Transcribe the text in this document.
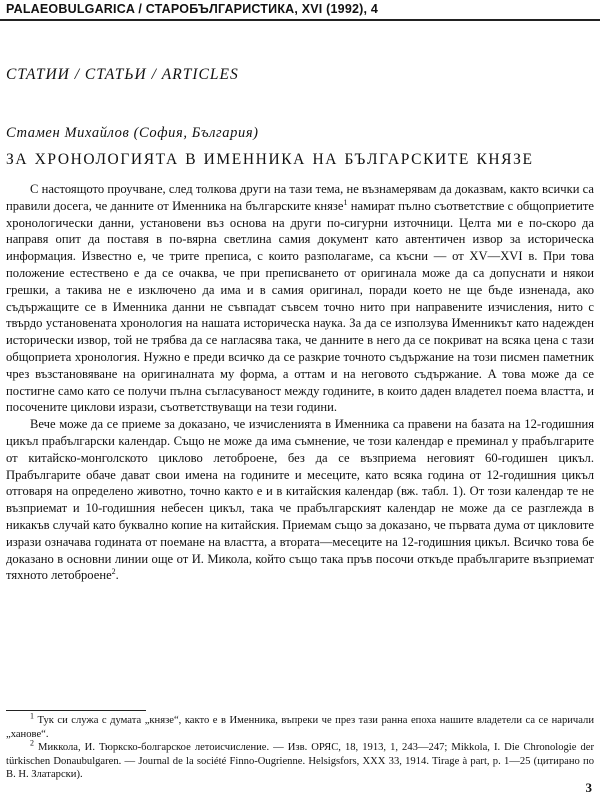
PALAEOBULGARICA / СТАРОБЪЛГАРИСТИКА, XVI (1992), 4
СТАТИИ / СТАТЬИ / ARTICLES
Стамен Михайлов (София, България)
ЗА ХРОНОЛОГИЯТА В ИМЕННИКА НА БЪЛГАРСКИТЕ КНЯЗЕ

С настоящото проучване, след толкова други на тази тема, не възнамерявам да доказвам, както всички са правили досега, че данните от Именника на българските князе$^1$ намират пълно съответствие с общоприетите хронологически данни, установени въз основа на други по-сигурни източници. Целта ми е по-скоро да направя опит да поставя в по-вярна светлина самия документ като автентичен извор за историческа информация. Известно е, че трите преписа, с които разполагаме, са късни — от XV—XVI в. При това положение естествено е да се очаква, че при преписването от оригинала може да са допуснати и някои грешки, а такива не е изключено да има и в самия оригинал, поради което не ще бъде изненада, ако съдържащите се в Именника данни не съвпадат съвсем точно нито при направените изчисления, нито с твърдо установената хронология на нашата историческа наука. За да се използува Именникът като надежден исторически извор, той не трябва да се нагласява така, че данните в него да се покриват на всяка цена с тази общоприета хронология. Нужно е преди всичко да се разкрие точното съдържание на този писмен паметник чрез възстановяване на оригиналната му форма, а оттам и на неговото съдържание. А това може да се постигне само като се получи пълна съгласуваност между годините, в които даден владетел поема властта, и посочените циклови изрази, съответствуващи на тези години.

Вече може да се приеме за доказано, че изчисленията в Именника са правени на базата на 12-годишния цикъл прабългарски календар. Също не може да има съмнение, че този календар е преминал у прабългарите от китайско-монголското циклово летоброене, без да се възприема неговият 60-годишен цикъл. Прабългарите обаче дават свои имена на годините и месеците, като всяка година от 12-годишния цикъл отговаря на определено животно, точно както е и в китайския календар (вж. табл. 1). От този календар те не възприемат и 10-годишния небесен цикъл, така че прабългарският календар не може да се разглежда в никакъв случай като буквално копие на китайския. Приемам също за доказано, че първата дума от цикловите изрази означава годината от поемане на властта, а втората—месеците на 12-годишния цикъл. Всичко това бе доказано в основни линии още от И. Микола, който също така пръв посочи откъде прабългарите възприемат тяхното летоброене$^2$.

$^1$ Тук си служа с думата „князе“, както е в Именника, въпреки че през тази ранна епоха нашите владетели са се наричали „ханове“.

$^2$ Миккола, И. Тюркско-болгарское летоисчисление. — Изв. ОРЯС, 18, 1913, 1, 243—247; Mikkola, I. Die Chronologie der türkischen Donaubulgaren. — Journal de la société Finno-Ougrienne. Helsigsfors, XXX 33, 1914. Tirage à part, p. 1—25 (цитирано по В. Н. Златарски).

3
